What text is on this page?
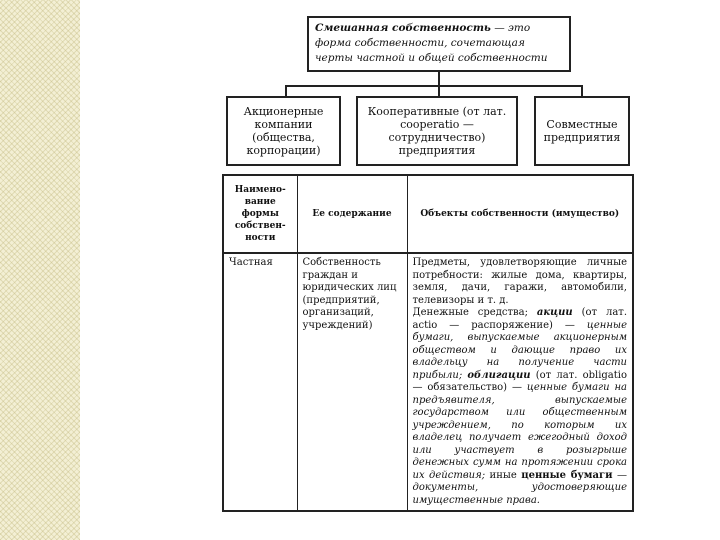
Смешанная собственность — это форма собственности, сочетающая черты частной и общей собственности
Акционерные компании (общества, корпорации)
Кооперативные (от лат. cooperatio — сотрудничество) предприятия
Совместные предприятия
Наимено-вание формы собствен-ности	Ее содержание	Объекты собственности (имущество)
Частная	Собственность граждан и юридических лиц (предприятий, организаций, учреждений)	Предметы, удовлетворяющие личные потребности: жилые дома, квартиры, земля, дачи, гаражи, автомобили, телевизоры и т. д.
Денежные средства; акции (от лат. actio — распоряжение) — ценные бумаги, выпускаемые акционерным обществом и дающие право их владельцу на получение части прибыли; облигации (от лат. obligatio — обязательство) — ценные бумаги на предъявителя, выпускаемые государством или общественным учреждением, по которым их владелец получает ежегодный доход или участвует в розыгрыше денежных сумм на протяжении срока их действия; иные ценные бумаги — документы, удостоверяющие имущественные права.
